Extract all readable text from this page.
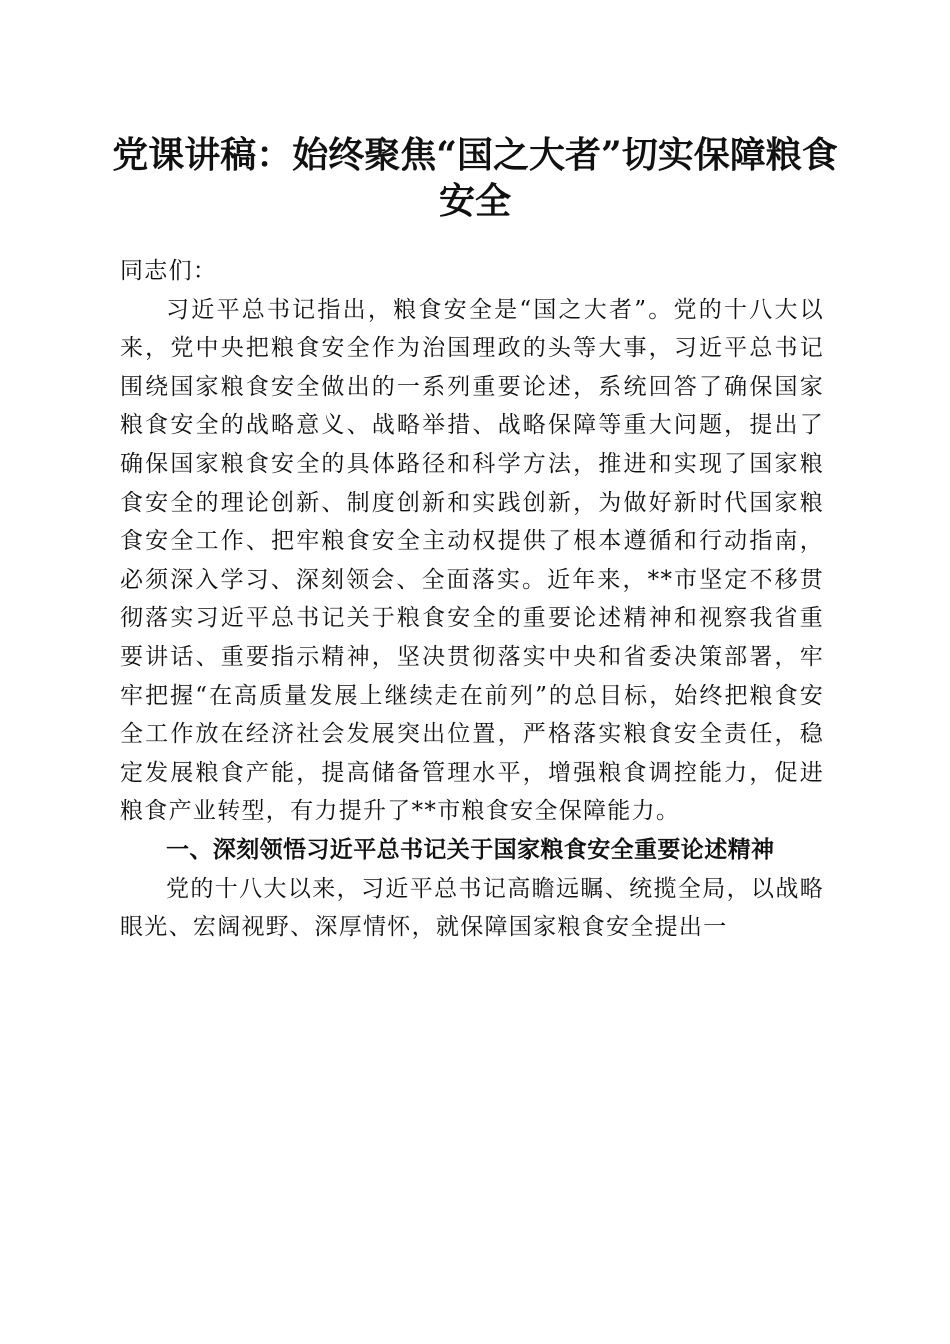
党课讲稿：始终聚焦“国之大者”切实保障粮食安全

同志们：

习近平总书记指出，粮食安全是“国之大者”。党的十八大以来，党中央把粮食安全作为治国理政的头等大事，习近平总书记围绕国家粮食安全做出的一系列重要论述，系统回答了确保国家粮食安全的战略意义、战略举措、战略保障等重大问题，提出了确保国家粮食安全的具体路径和科学方法，推进和实现了国家粮食安全的理论创新、制度创新和实践创新，为做好新时代国家粮食安全工作、把牢粮食安全主动权提供了根本遵循和行动指南，必须深入学习、深刻领会、全面落实。近年来，**市坚定不移贯彻落实习近平总书记关于粮食安全的重要论述精神和视察我省重要讲话、重要指示精神，坚决贯彻落实中央和省委决策部署，牢牢把握“在高质量发展上继续走在前列”的总目标，始终把粮食安全工作放在经济社会发展突出位置，严格落实粮食安全责任，稳定发展粮食产能，提高储备管理水平，增强粮食调控能力，促进粮食产业转型，有力提升了**市粮食安全保障能力。

一、深刻领悟习近平总书记关于国家粮食安全重要论述精神

党的十八大以来，习近平总书记高瞻远瞩、统揽全局，以战略眼光、宏阔视野、深厚情怀，就保障国家粮食安全提出一
